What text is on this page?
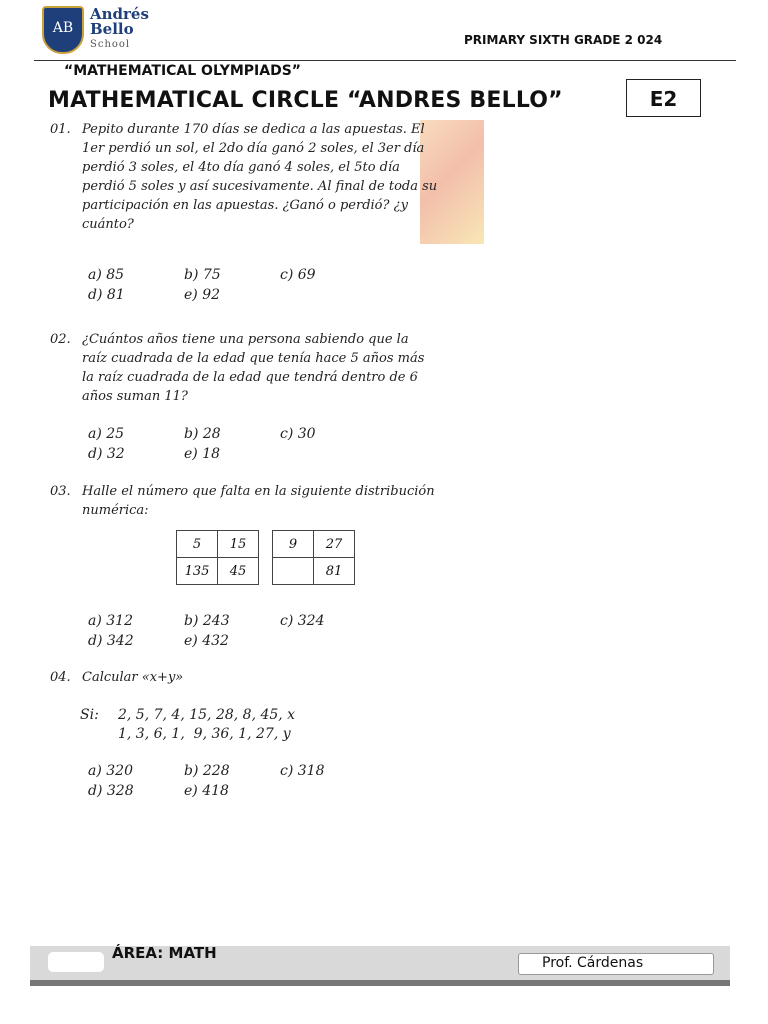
AB
Andrés
Bello
School	PRIMARY SIXTH GRADE 2 024
“MATHEMATICAL OLYMPIADS”
MATHEMATICAL CIRCLE “ANDRES BELLO”	E2
01. Pepito durante 170 días se dedica a las apuestas. El
1er perdió un sol, el 2do día ganó 2 soles, el 3er día
perdió 3 soles, el 4to día ganó 4 soles, el 5to día
perdió 5 soles y así sucesivamente. Al final de toda su
participación en las apuestas. ¿Ganó o perdió? ¿y
cuánto?
a) 85	b) 75	c) 69
d) 81	e) 92
02. ¿Cuántos años tiene una persona sabiendo que la
raíz cuadrada de la edad que tenía hace 5 años más
la raíz cuadrada de la edad que tendrá dentro de 6
años suman 11?
a) 25	b) 28	c) 30
d) 32	e) 18
03. Halle el número que falta en la siguiente distribución
numérica:
5	15
135	45
9	27
	81
a) 312	b) 243	c) 324
d) 342	e) 432
04. Calcular «x+y»
Si: 2, 5, 7, 4, 15, 28, 8, 45, x
1, 3, 6, 1,  9, 36, 1, 27, y
a) 320	b) 228	c) 318
d) 328	e) 418
ÁREA: MATH
Prof. Cárdenas
